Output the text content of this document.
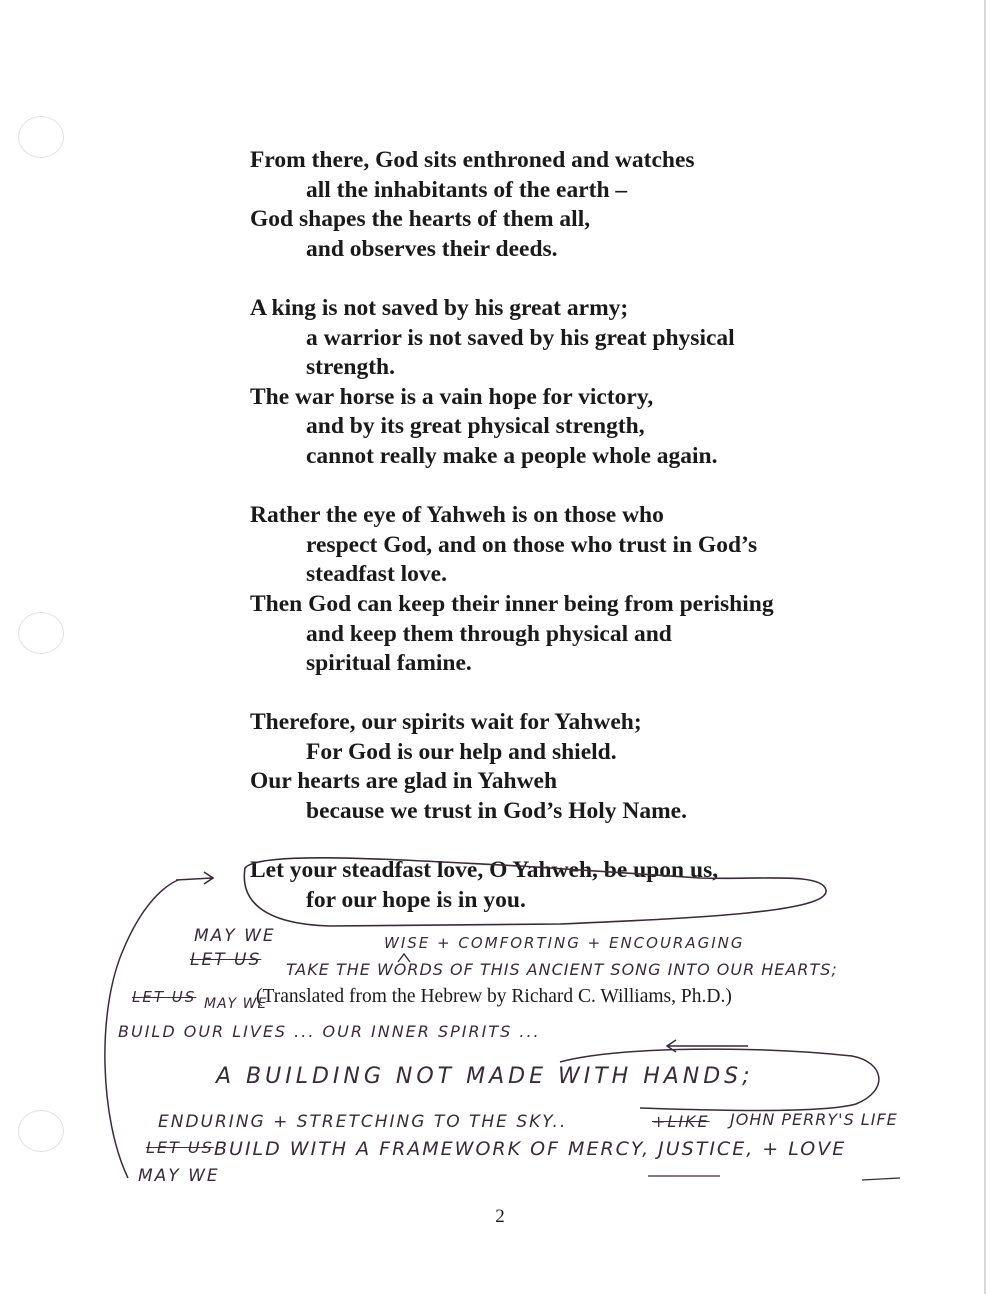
From there, God sits enthroned and watches
all the inhabitants of the earth –
God shapes the hearts of them all,
and observes their deeds.
A king is not saved by his great army;
a warrior is not saved by his great physical
strength.
The war horse is a vain hope for victory,
and by its great physical strength,
cannot really make a people whole again.
Rather the eye of Yahweh is on those who
respect God, and on those who trust in God’s
steadfast love.
Then God can keep their inner being from perishing
and keep them through physical and
spiritual famine.
Therefore, our spirits wait for Yahweh;
For God is our help and shield.
Our hearts are glad in Yahweh
because we trust in God’s Holy Name.
Let your steadfast love, O Yahweh, be upon us,
for our hope is in you.
(Translated from the Hebrew by Richard C. Williams, Ph.D.)
2
MAY WE
LET US
WISE + COMFORTING + ENCOURAGING
TAKE THE WORDS OF THIS ANCIENT SONG INTO OUR HEARTS;
LET US MAY WE
BUILD OUR LIVES ... OUR INNER SPIRITS ...
A BUILDING NOT MADE WITH HANDS;
ENDURING + STRETCHING TO THE SKY..	+LIKE JOHN PERRY'S LIFE
LET US BUILD WITH A FRAMEWORK OF MERCY, JUSTICE, + LOVE
MAY WE
